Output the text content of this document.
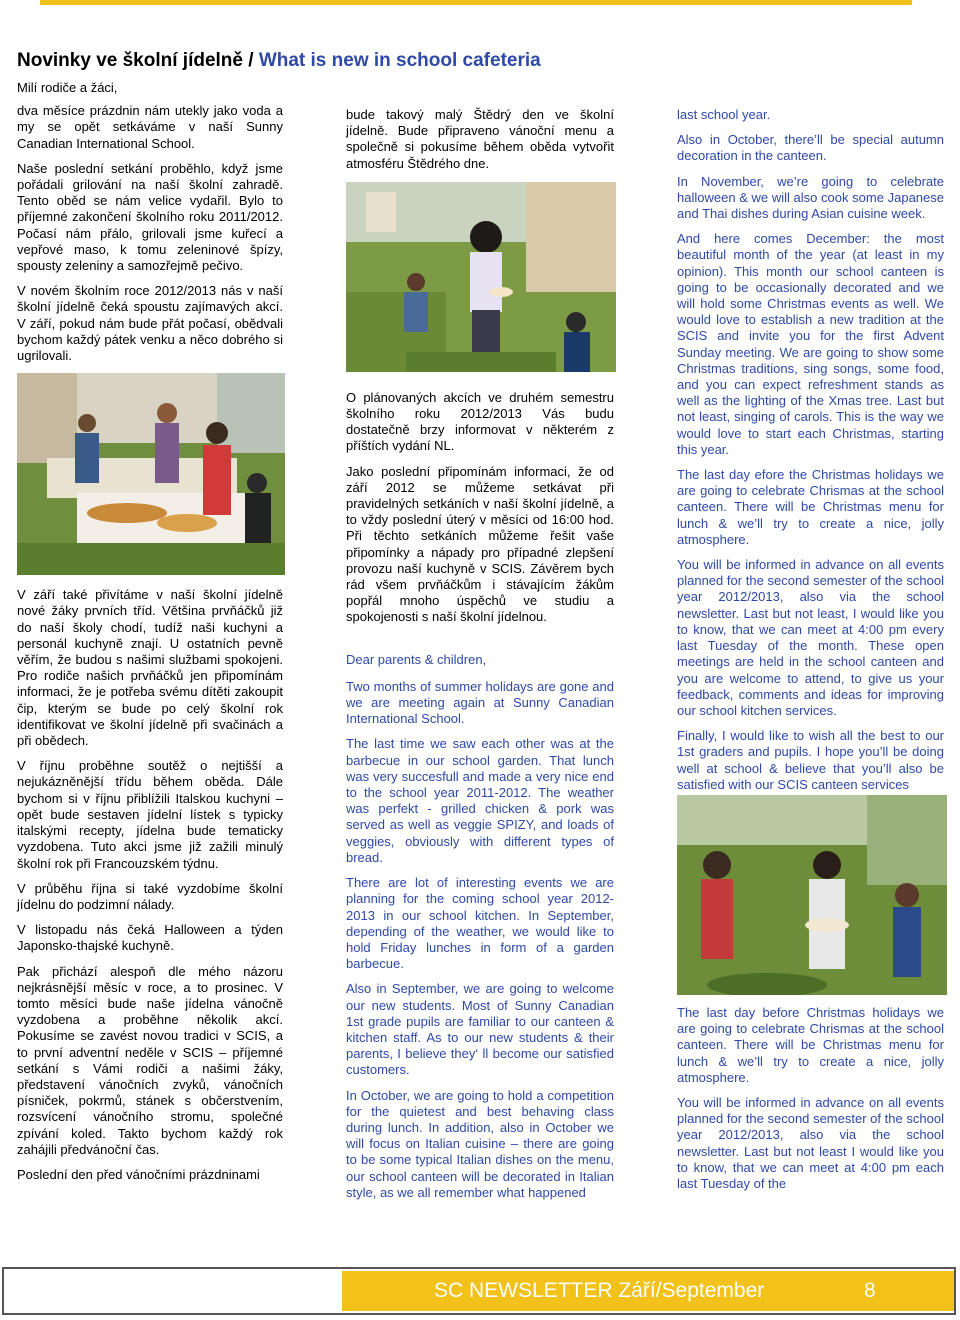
Novinky ve školní jídelně / What is new in school cafeteria

Milí rodiče a žáci,

dva měsíce prázdnin nám utekly jako voda a my se opět setkáváme v naší Sunny Canadian International School.

Naše poslední setkání proběhlo, když jsme pořádali grilování na naší školní zahradě. Tento oběd se nám velice vydařil. Bylo to příjemné zakončení školního roku 2011/2012. Počasí nám přálo, grilovali jsme kuřecí a vepřové maso, k tomu zeleninové špízy, spousty zeleniny a samozřejmě pečivo.

V novém školním roce 2012/2013 nás v naší školní jídelně čeká spoustu zajímavých akcí. V září, pokud nám bude přát počasí, obědvali bychom každý pátek venku a něco dobrého si ugrilovali.

V září také přivítáme v naší školní jídelně nové žáky prvních tříd. Většina prvňáčků již do naší školy chodí, tudíž naši kuchyni a personál kuchyně znají. U ostatních pevně věřím, že budou s našimi službami spokojeni. Pro rodiče našich prvňáčků jen připomínám informaci, že je potřeba svému dítěti zakoupit čip, kterým se bude po celý školní rok identifikovat ve školní jídelně při svačinách a při obědech.

V říjnu proběhne soutěž o nejtišší a nejukázněnější třídu během oběda. Dále bychom si v říjnu přiblížili Italskou kuchyni – opět bude sestaven jídelní lístek s typicky italskými recepty, jídelna bude tematicky vyzdobena. Tuto akci jsme již zažili minulý školní rok při Francouzském týdnu.

V průběhu října si také vyzdobíme školní jídelnu do podzimní nálady.

V listopadu nás čeká Halloween a týden Japonsko-thajské kuchyně.

Pak přichází alespoň dle mého názoru nejkrásnější měsíc v roce, a to prosinec. V tomto měsíci bude naše jídelna vánočně vyzdobena a proběhne několik akcí. Pokusíme se zavést novou tradici v SCIS, a to první adventní neděle v SCIS – příjemné setkání s Vámi rodiči a našimi žáky, představení vánočních zvyků, vánočních písniček, pokrmů, stánek s občerstvením, rozsvícení vánočního stromu, společné zpívání koled. Takto bychom každý rok zahájili předvánoční čas.

Poslední den před vánočními prázdninami

bude takový malý Štědrý den ve školní jídelně. Bude připraveno vánoční menu a společně si pokusíme během oběda vytvořit atmosféru Štědrého dne.

O plánovaných akcích ve druhém semestru školního roku 2012/2013 Vás budu dostatečně brzy informovat v některém z příštích vydání NL.

Jako poslední připomínám informaci, že od září 2012 se můžeme setkávat při pravidelných setkáních v naší školní jídelně, a to vždy poslední úterý v měsíci od 16:00 hod. Při těchto setkáních můžeme řešit vaše připomínky a nápady pro případné zlepšení provozu naší kuchyně v SCIS. Závěrem bych rád všem prvňáčkům i stávajícím žákům popřál mnoho úspěchů ve studiu a spokojenosti s naší školní jídelnou.

Dear parents & children,

Two months of summer holidays are gone and we are meeting again at Sunny Canadian International School.

The last time we saw each other was at the barbecue in our school garden. That lunch was very succesfull and made a very nice end to the school year 2011-2012. The weather was perfekt - grilled chicken & pork was served as well as veggie SPIZY, and loads of veggies, obviously with different types of bread.

There are lot of interesting events we are planning for the coming school year 2012-2013 in our school kitchen. In September, depending of the weather, we would like to hold Friday lunches in form of a garden barbecue.

Also in September, we are going to welcome our new students. Most of Sunny Canadian 1st grade pupils are familiar to our canteen & kitchen staff. As to our new students & their parents, I believe they‘ ll become our satisfied customers.

In October, we are going to hold a competition for the quietest and best behaving class during lunch. In addition, also in October we will focus on Italian cuisine – there are going to be some typical Italian dishes on the menu, our school canteen will be decorated in Italian style, as we all remember what happened

last school year.

Also in October, there’ll be special autumn decoration in the canteen.

In November, we’re going to celebrate halloween & we will also cook some Japanese and Thai dishes during Asian cuisine week.

And here comes December: the most beautiful month of the year (at least in my opinion). This month our school canteen is going to be occasionally decorated and we will hold some Christmas events as well. We would love to establish a new tradition at the SCIS and invite you for the first Advent Sunday meeting. We are going to show some Christmas traditions, sing songs, some food, and you can expect refreshment stands as well as the lighting of the Xmas tree. Last but not least, singing of carols. This is the way we would love to start each Christmas, starting this year.

The last day efore the Christmas holidays we are going to celebrate Chrismas at the school canteen. There will be Christmas menu for lunch & we’ll try to create a nice, jolly atmosphere.

You will be informed in advance on all events planned for the second semester of the school year 2012/2013, also via the school newsletter. Last but not least, I would like you to know, that we can meet at 4:00 pm every last Tuesday of the month. These open meetings are held in the school canteen and you are welcome to attend, to give us your feedback, comments and ideas for improving our school kitchen services.

Finally, I would like to wish all the best to our 1st graders and pupils. I hope you’ll be doing well at school & believe that you’ll also be satisfied with our SCIS canteen services

The last day before Christmas holidays we are going to celebrate Chrismas at the school canteen. There will be Christmas menu for lunch & we’ll try to create a nice, jolly atmosphere.

You will be informed in advance on all events planned for the second semester of the school year 2012/2013, also via the school newsletter. Last but not least I would like you to know, that we can meet at 4:00 pm each last Tuesday of the

SC NEWSLETTER Září/September	8
